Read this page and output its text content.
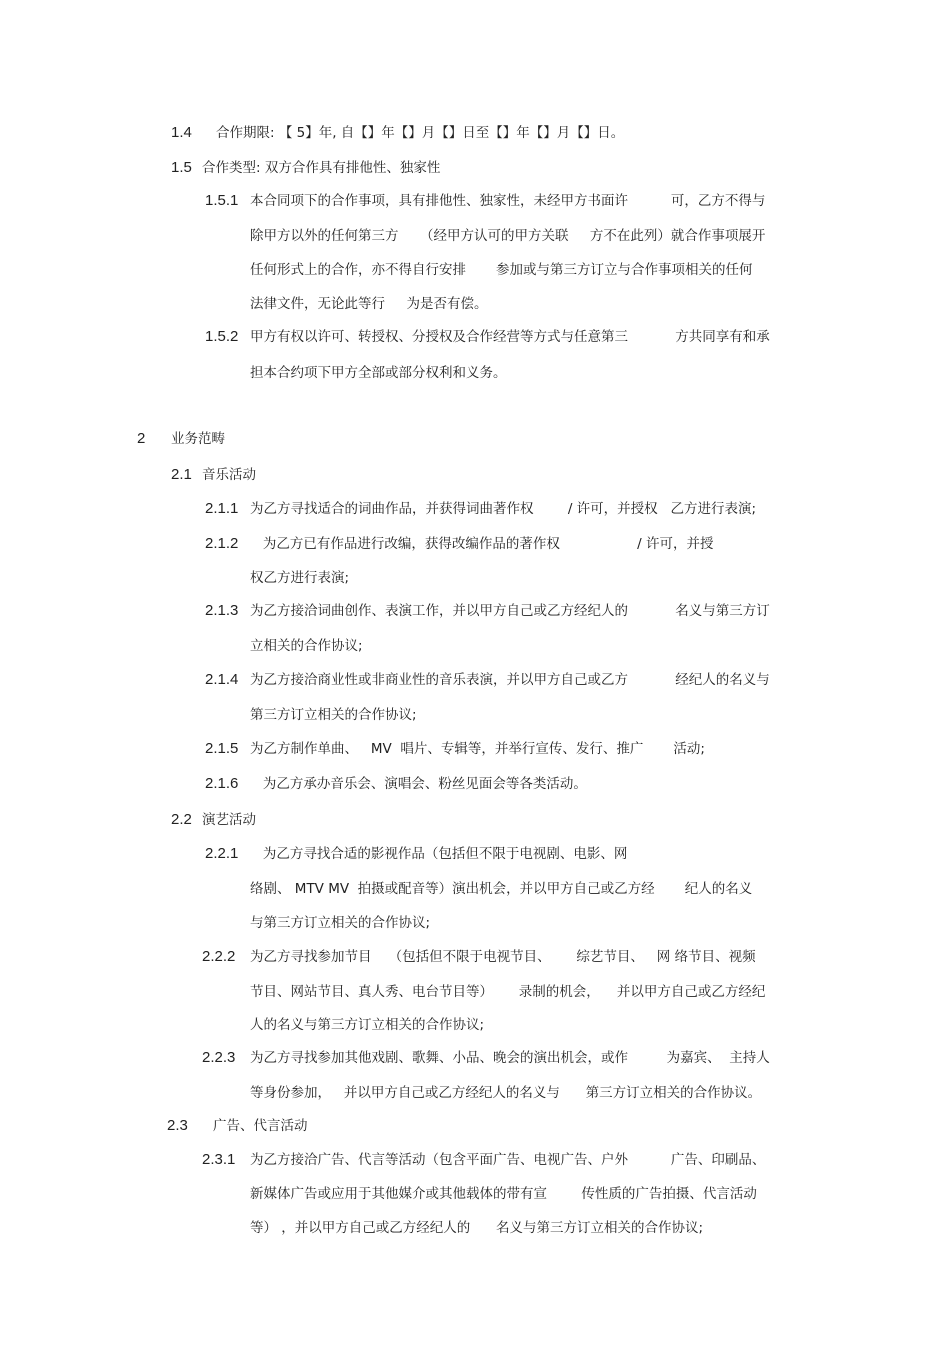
1.4 合作期限: 【 5】年, 自【】年【】月【】日至【】年【】月【】日。
1.5 合作类型: 双方合作具有排他性、独家性
1.5.1 本合同项下的合作事项，具有排他性、独家性，未经甲方书面许          可，乙方不得与
除甲方以外的任何第三方     （经甲方认可的甲方关联     方不在此列）就合作事项展开
任何形式上的合作，亦不得自行安排       参加或与第三方订立与合作事项相关的任何
法律文件，无论此等行     为是否有偿。
1.5.2 甲方有权以许可、转授权、分授权及合作经营等方式与任意第三           方共同享有和承
担本合约项下甲方全部或部分权利和义务。
2 业务范畴
2.1 音乐活动
2.1.1 为乙方寻找适合的词曲作品，并获得词曲著作权        / 许可，并授权   乙方进行表演;
2.1.2 为乙方已有作品进行改编，获得改编作品的著作权                  / 许可，并授
权乙方进行表演;
2.1.3 为乙方接洽词曲创作、表演工作，并以甲方自己或乙方经纪人的           名义与第三方订
立相关的合作协议;
2.1.4 为乙方接洽商业性或非商业性的音乐表演，并以甲方自己或乙方           经纪人的名义与
第三方订立相关的合作协议;
2.1.5 为乙方制作单曲、   MV  唱片、专辑等，并举行宣传、发行、推广       活动;
2.1.6 为乙方承办音乐会、演唱会、粉丝见面会等各类活动。
2.2 演艺活动
2.2.1 为乙方寻找合适的影视作品（包括但不限于电视剧、电影、网
络剧、 MTV MV  拍摄或配音等）演出机会，并以甲方自己或乙方经       纪人的名义
与第三方订立相关的合作协议;
2.2.2 为乙方寻找参加节目    （包括但不限于电视节目、      综艺节目、   网 络节目、视频
节目、网站节目、真人秀、电台节目等）      录制的机会，    并以甲方自己或乙方经纪
人的名义与第三方订立相关的合作协议;
2.2.3 为乙方寻找参加其他戏剧、歌舞、小品、晚会的演出机会，或作         为嘉宾、  主持人
等身份参加，   并以甲方自己或乙方经纪人的名义与      第三方订立相关的合作协议。
2.3 广告、代言活动
2.3.1 为乙方接洽广告、代言等活动（包含平面广告、电视广告、户外          广告、印刷品、
新媒体广告或应用于其他媒介或其他载体的带有宣        传性质的广告拍摄、代言活动
等） ，并以甲方自己或乙方经纪人的      名义与第三方订立相关的合作协议;
